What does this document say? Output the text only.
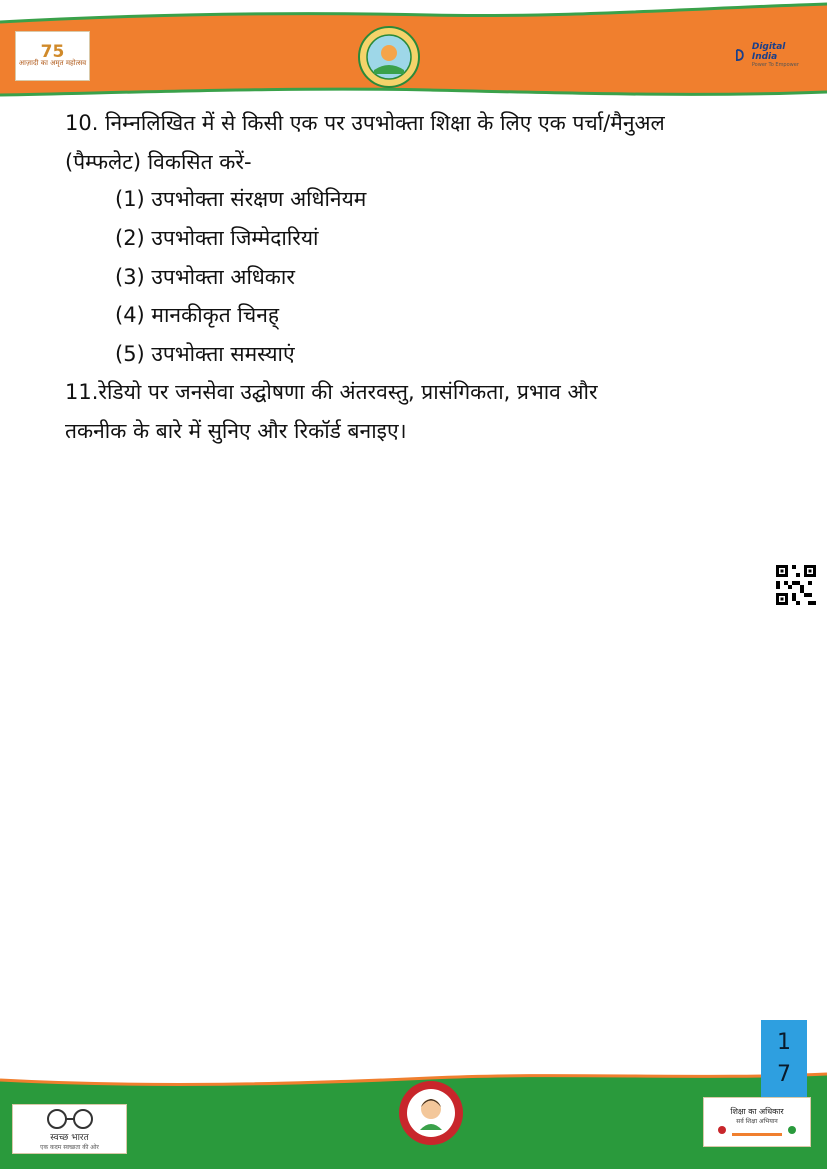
75
आज़ादी का अमृत महोत्सव
Digital India
Power To Empower
10. निम्नलिखित में से किसी एक पर उपभोक्ता शिक्षा के लिए एक पर्चा/मैनुअल
(पैम्फलेट) विकसित करें-
(1) उपभोक्ता संरक्षण अधिनियम
(2) उपभोक्ता जिम्मेदारियां
(3) उपभोक्ता अधिकार
(4) मानकीकृत चिनह्
(5) उपभोक्ता समस्याएं
11.रेडियो पर जनसेवा उद्घोषणा की अंतरवस्तु, प्रासंगिकता, प्रभाव और
तकनीक के बारे में सुनिए और रिकॉर्ड बनाइए।
1
7
स्वच्छ भारत
एक कदम स्वच्छता की ओर
शिक्षा का अधिकार
सर्व शिक्षा अभियान
